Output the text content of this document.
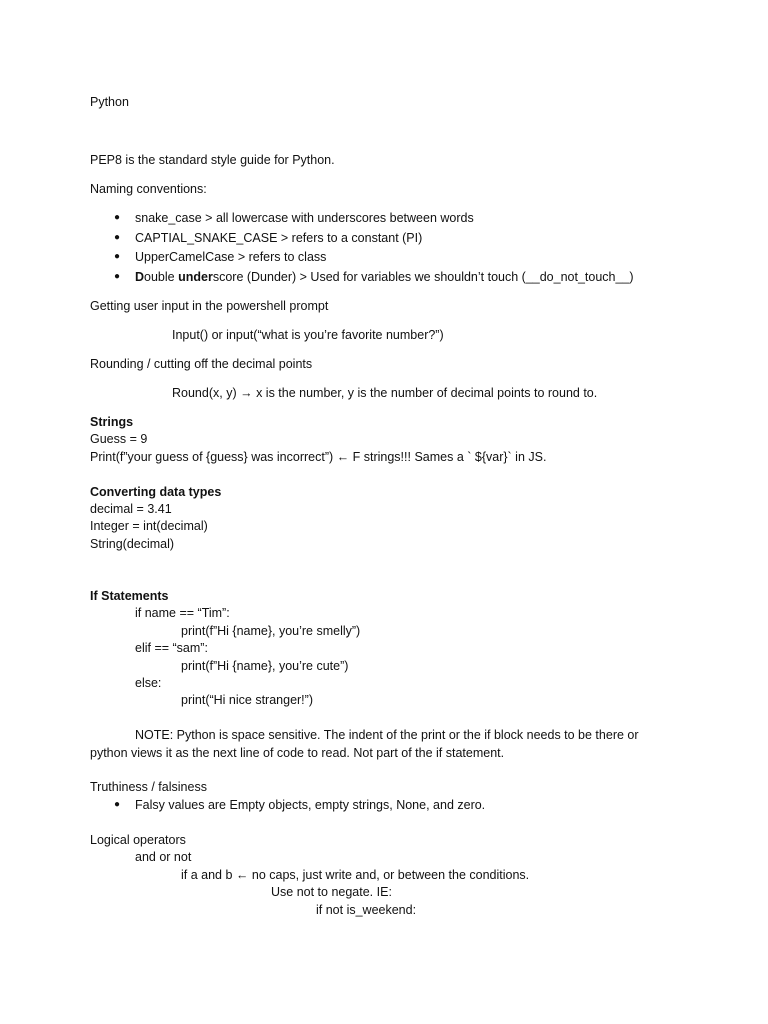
Python

PEP8 is the standard style guide for Python.

Naming conventions:

● snake_case > all lowercase with underscores between words

● CAPTIAL_SNAKE_CASE > refers to a constant (PI)

● UpperCamelCase > refers to class

● Double underscore (Dunder) > Used for variables we shouldn’t touch (__do_not_touch__)

Getting user input in the powershell prompt

Input() or input(“what is you’re favorite number?”)

Rounding / cutting off the decimal points

Round(x, y) → x is the number, y is the number of decimal points to round to.

Strings

Guess = 9

Print(f”your guess of {guess} was incorrect”) ← F strings!!! Sames a ` ${var}` in JS.

Converting data types

decimal = 3.41

Integer = int(decimal)

String(decimal)

If Statements

if name == “Tim”:

print(f”Hi {name}, you’re smelly”)

elif == “sam”:

print(f”Hi {name}, you’re cute”)

else:

print(“Hi nice stranger!”)

NOTE: Python is space sensitive. The indent of the print or the if block needs to be there or

python views it as the next line of code to read. Not part of the if statement.

Truthiness / falsiness

● Falsy values are Empty objects, empty strings, None, and zero.

Logical operators

and or not

if a and b ← no caps, just write and, or between the conditions.

Use not to negate. IE:

if not is_weekend:
